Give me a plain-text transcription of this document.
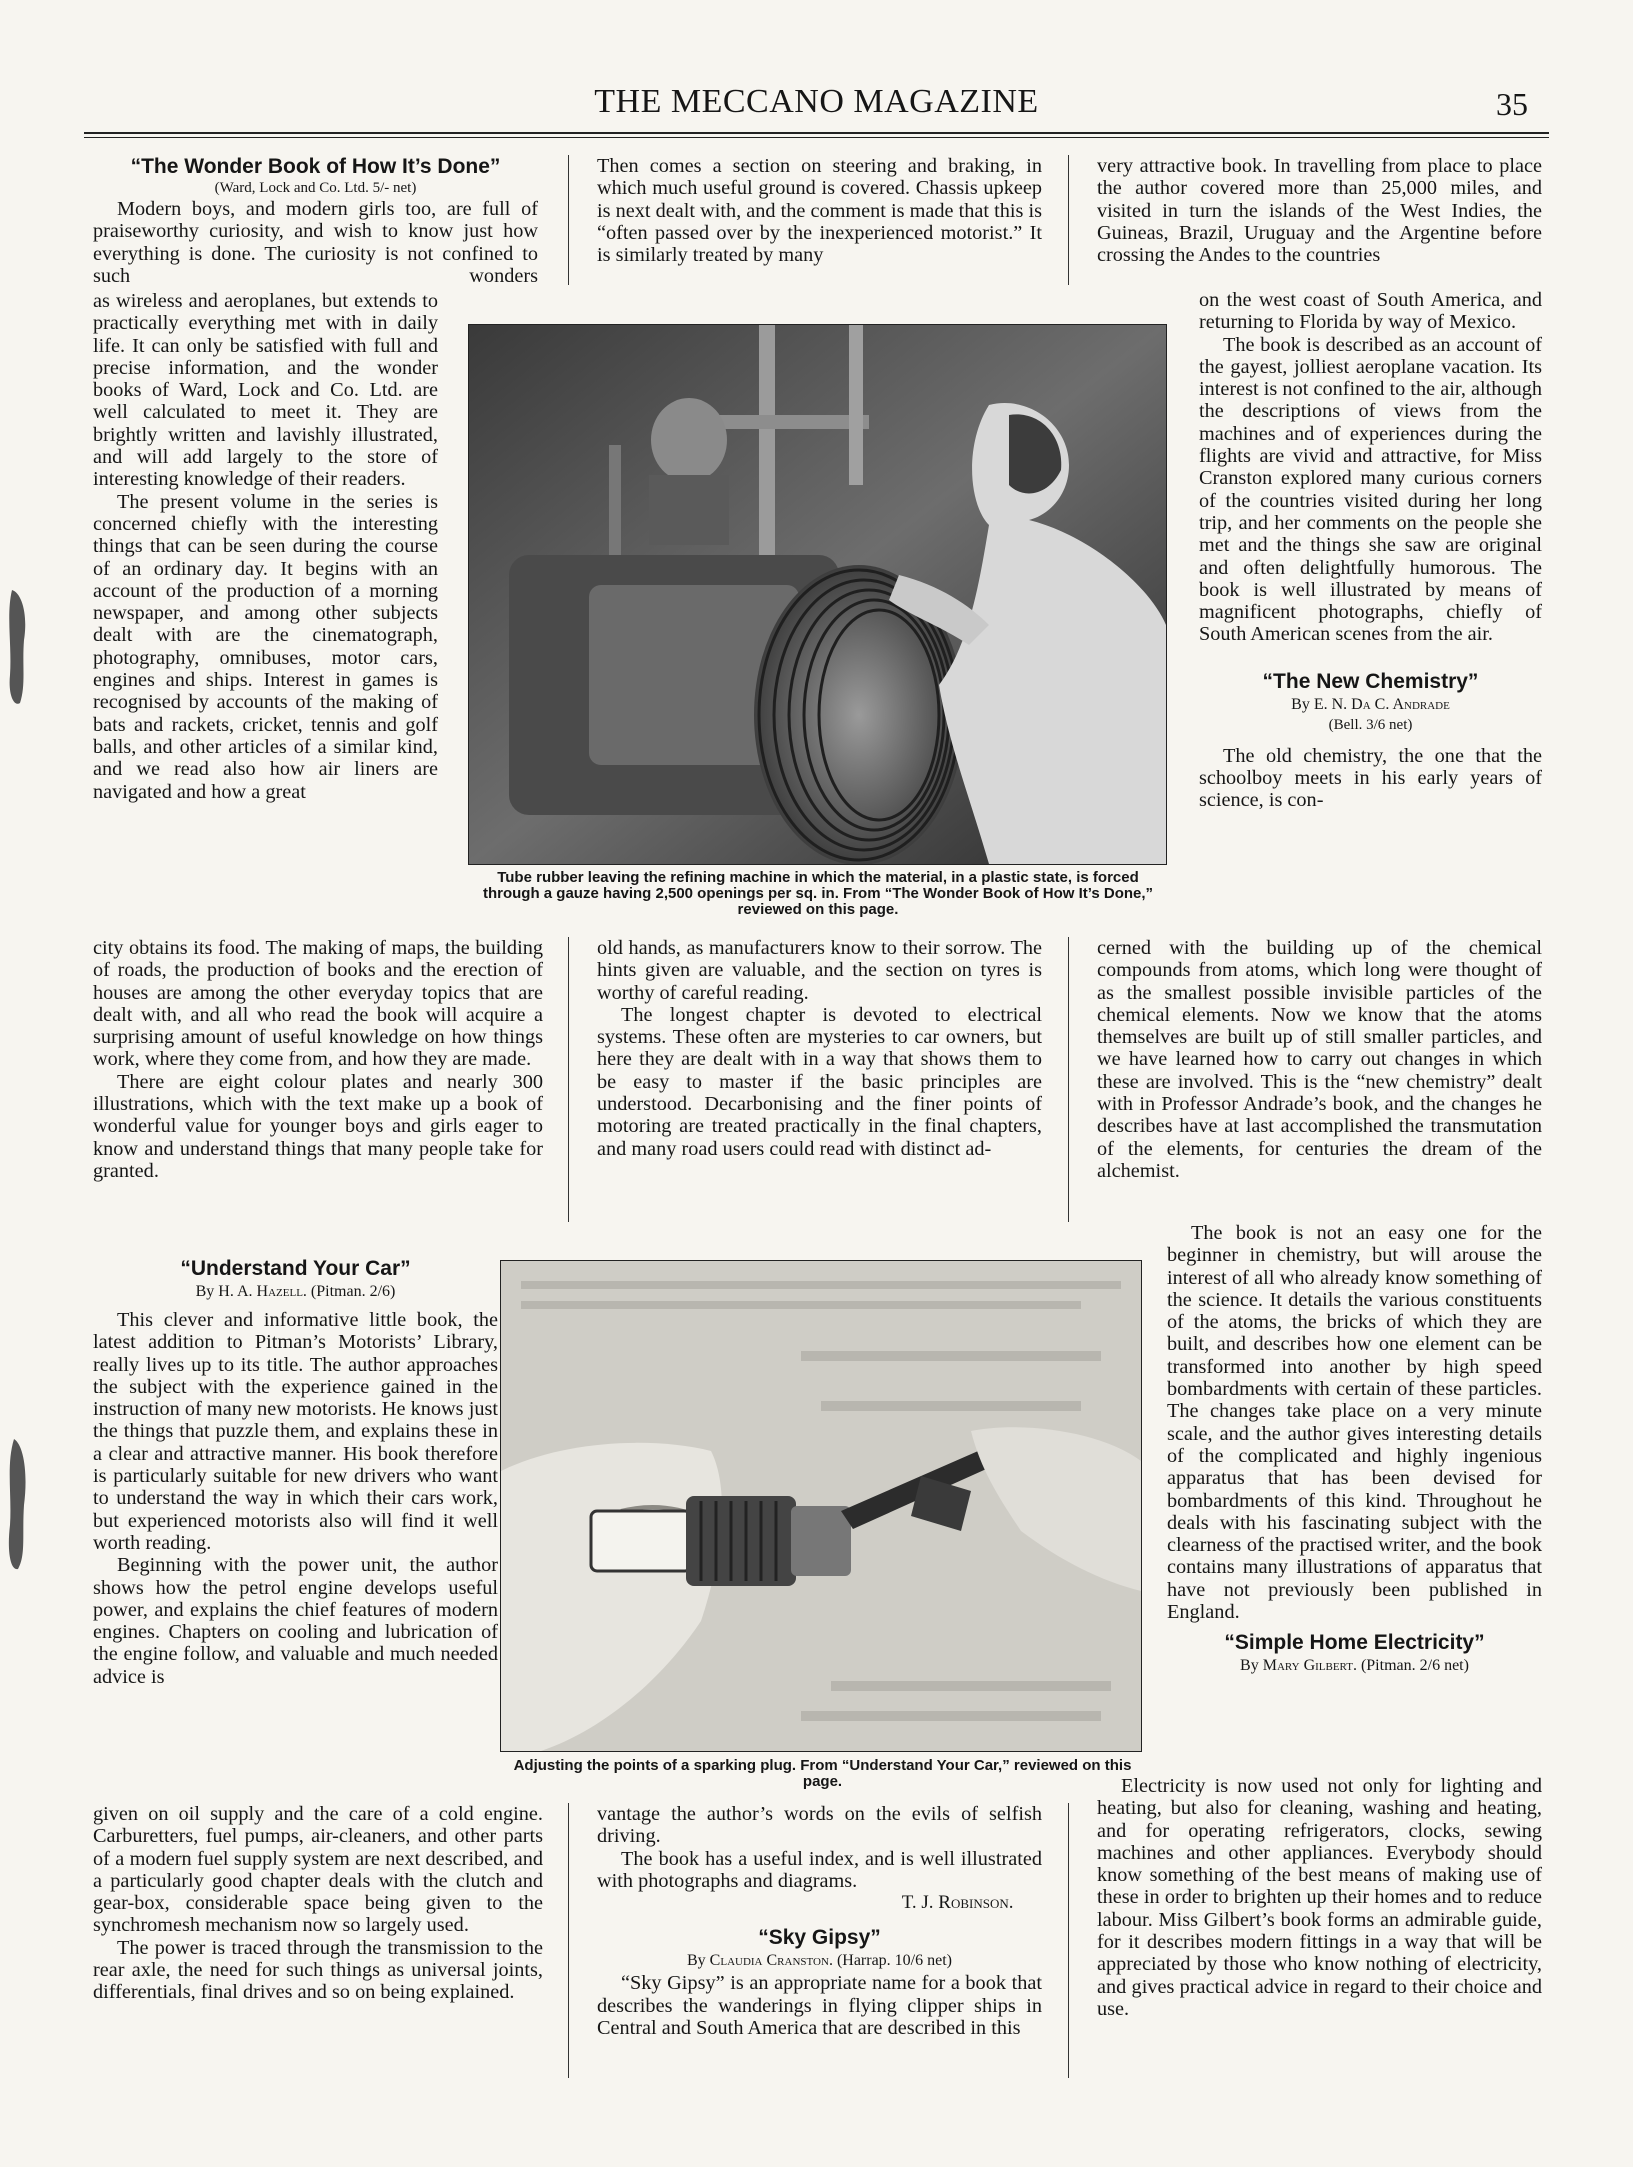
THE MECCANO MAGAZINE	35
“The Wonder Book of How It’s Done”
(Ward, Lock and Co. Ltd. 5/- net)

Modern boys, and modern girls too, are full of praiseworthy curiosity, and wish to know just how everything is done. The curiosity is not confined to such wonders

as wireless and aeroplanes, but extends to practically everything met with in daily life. It can only be satisfied with full and precise information, and the wonder books of Ward, Lock and Co. Ltd. are well calculated to meet it. They are brightly written and lavishly illustrated, and will add largely to the store of interesting knowledge of their readers.

The present volume in the series is concerned chiefly with the interesting things that can be seen during the course of an ordinary day. It begins with an account of the production of a morning newspaper, and among other subjects dealt with are the cinematograph, photography, omnibuses, motor cars, engines and ships. Interest in games is recognised by accounts of the making of bats and rackets, cricket, tennis and golf balls, and other articles of a similar kind, and we read also how air liners are navigated and how a great

city obtains its food. The making of maps, the building of roads, the production of books and the erection of houses are among the other everyday topics that are dealt with, and all who read the book will acquire a surprising amount of useful knowledge on how things work, where they come from, and how they are made.

There are eight colour plates and nearly 300 illustrations, which with the text make up a book of wonderful value for younger boys and girls eager to know and understand things that many people take for granted.

“Understand Your Car”
By H. A. Hazell. (Pitman. 2/6)

This clever and informative little book, the latest addition to Pitman’s Motorists’ Library, really lives up to its title. The author approaches the subject with the experience gained in the instruction of many new motorists. He knows just the things that puzzle them, and explains these in a clear and attractive manner. His book therefore is particularly suitable for new drivers who want to understand the way in which their cars work, but experienced motorists also will find it well worth reading.

Beginning with the power unit, the author shows how the petrol engine develops useful power, and explains the chief features of modern engines. Chapters on cooling and lubrication of the engine follow, and valuable and much needed advice is

given on oil supply and the care of a cold engine. Carburetters, fuel pumps, air-cleaners, and other parts of a modern fuel supply system are next described, and a particularly good chapter deals with the clutch and gear-box, considerable space being given to the synchromesh mechanism now so largely used.

The power is traced through the transmission to the rear axle, the need for such things as universal joints, differentials, final drives and so on being explained.

Then comes a section on steering and braking, in which much useful ground is covered. Chassis upkeep is next dealt with, and the comment is made that this is “often passed over by the inexperienced motorist.” It is similarly treated by many

old hands, as manufacturers know to their sorrow. The hints given are valuable, and the section on tyres is worthy of careful reading.

The longest chapter is devoted to electrical systems. These often are mysteries to car owners, but here they are dealt with in a way that shows them to be easy to master if the basic principles are understood. Decarbonising and the finer points of motoring are treated practically in the final chapters, and many road users could read with distinct ad-

vantage the author’s words on the evils of selfish driving.

The book has a useful index, and is well illustrated with photographs and diagrams.

T. J. Robinson.
“Sky Gipsy”
By Claudia Cranston. (Harrap. 10/6 net)

“Sky Gipsy” is an appropriate name for a book that describes the wanderings in flying clipper ships in Central and South America that are described in this

very attractive book. In travelling from place to place the author covered more than 25,000 miles, and visited in turn the islands of the West Indies, the Guineas, Brazil, Uruguay and the Argentine before crossing the Andes to the countries

on the west coast of South America, and returning to Florida by way of Mexico.

The book is described as an account of the gayest, jolliest aeroplane vacation. Its interest is not confined to the air, although the descriptions of views from the machines and of experiences during the flights are vivid and attractive, for Miss Cranston explored many curious corners of the countries visited during her long trip, and her comments on the people she met and the things she saw are original and often delightfully humorous. The book is well illustrated by means of magnificent photographs, chiefly of South American scenes from the air.

“The New Chemistry”
By E. N. Da C. Andrade
(Bell. 3/6 net)

The old chemistry, the one that the schoolboy meets in his early years of science, is con-

cerned with the building up of the chemical compounds from atoms, which long were thought of as the smallest possible invisible particles of the chemical elements. Now we know that the atoms themselves are built up of still smaller particles, and we have learned how to carry out changes in which these are involved. This is the “new chemistry” dealt with in Professor Andrade’s book, and the changes he describes have at last accomplished the transmutation of the elements, for centuries the dream of the alchemist.

The book is not an easy one for the beginner in chemistry, but will arouse the interest of all who already know something of the science. It details the various constituents of the atoms, the bricks of which they are built, and describes how one element can be transformed into another by high speed bombardments with certain of these particles. The changes take place on a very minute scale, and the author gives interesting details of the complicated and highly ingenious apparatus that has been devised for bombardments of this kind. Throughout he deals with his fascinating subject with the clearness of the practised writer, and the book contains many illustrations of apparatus that have not previously been published in England.

“Simple Home Electricity”
By Mary Gilbert. (Pitman. 2/6 net)

Electricity is now used not only for lighting and heating, but also for cleaning, washing and heating, and for operating refrigerators, clocks, sewing machines and other appliances. Everybody should know something of the best means of making use of these in order to brighten up their homes and to reduce labour. Miss Gilbert’s book forms an admirable guide, for it describes modern fittings in a way that will be appreciated by those who know nothing of electricity, and gives practical advice in regard to their choice and use.

Tube rubber leaving the refining machine in which the material, in a plastic state, is forced through a gauze having 2,500 openings per sq. in. From “The Wonder Book of How It’s Done,” reviewed on this page.
Adjusting the points of a sparking plug. From “Understand Your Car,” reviewed on this page.
